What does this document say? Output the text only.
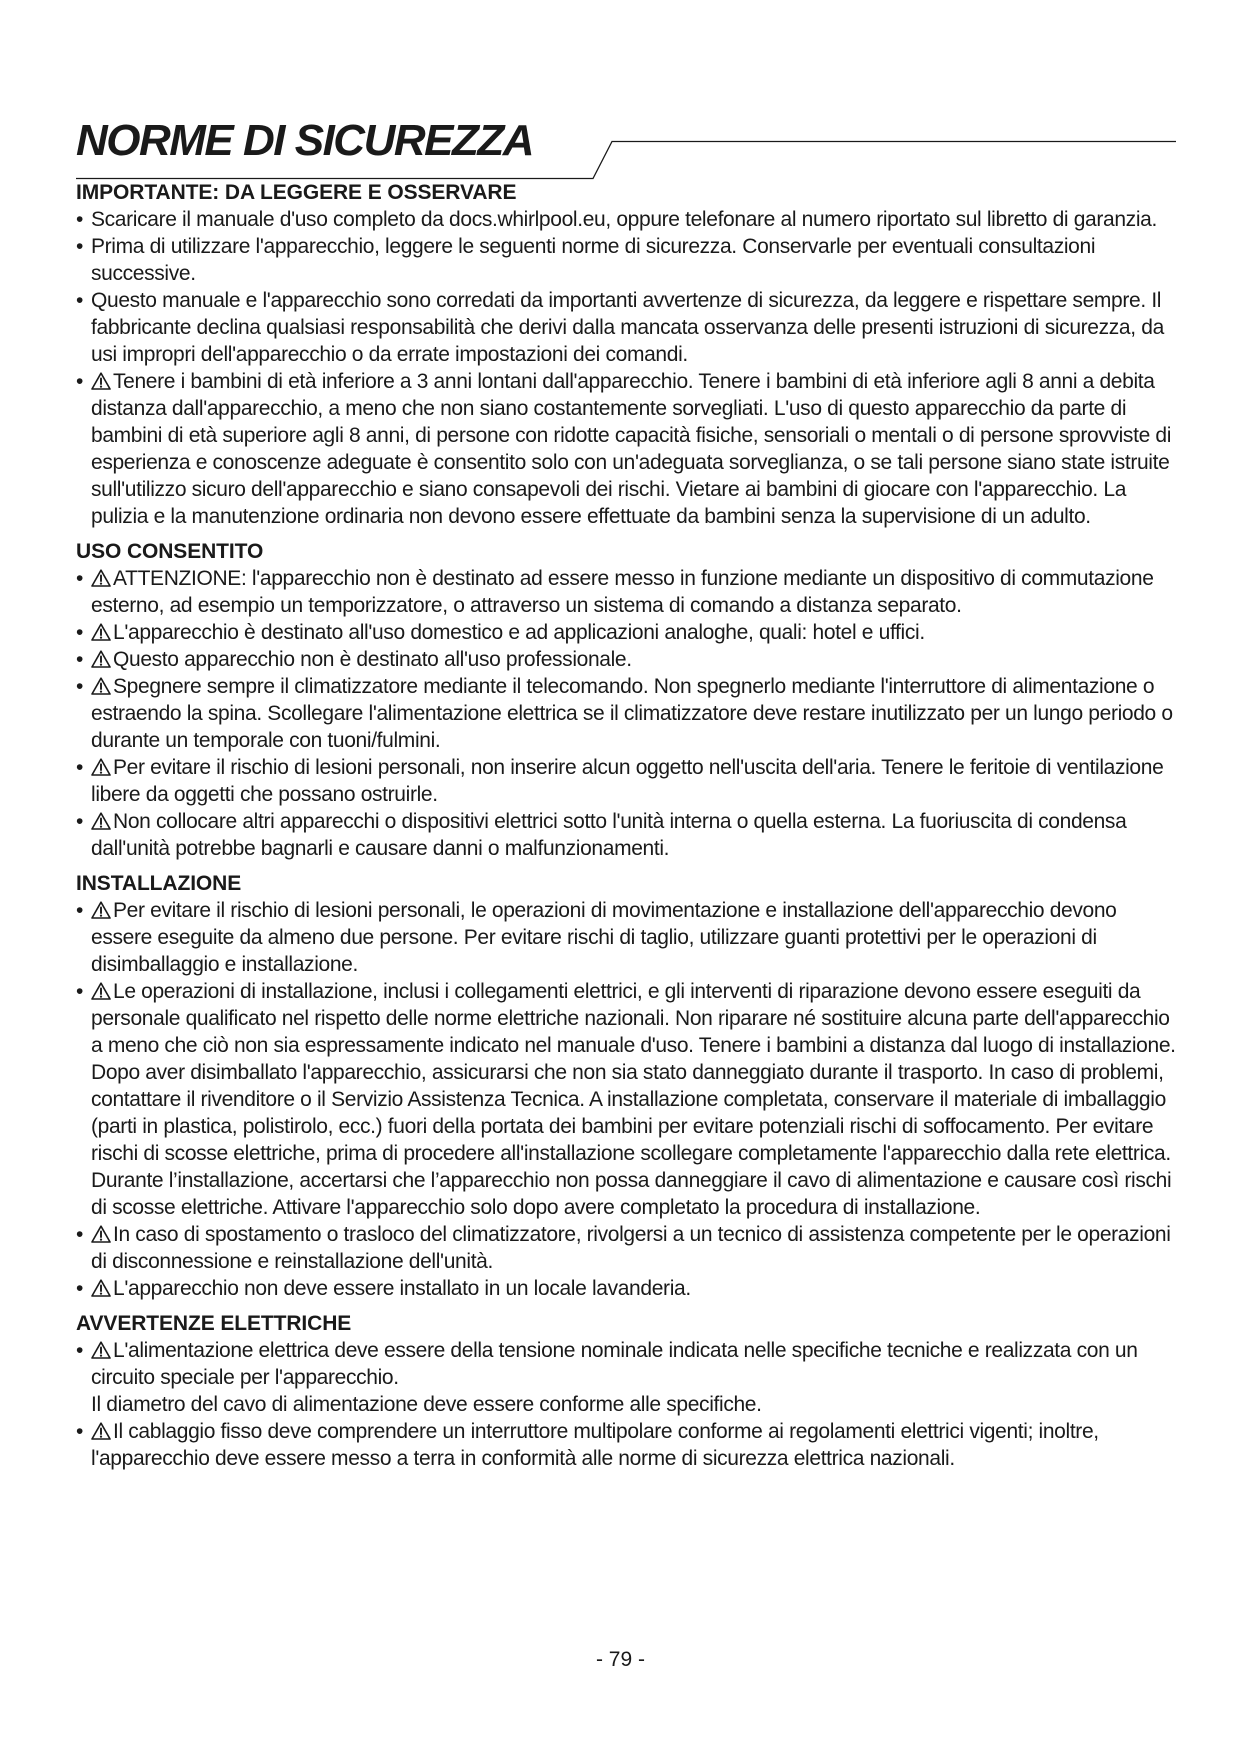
NORME DI SICUREZZA
IMPORTANTE: DA LEGGERE E OSSERVARE
• Scaricare il manuale d'uso completo da docs.whirlpool.eu, oppure telefonare al numero riportato sul libretto di garanzia.
• Prima di utilizzare l'apparecchio, leggere le seguenti norme di sicurezza. Conservarle per eventuali consultazioni successive.
• Questo manuale e l'apparecchio sono corredati da importanti avvertenze di sicurezza, da leggere e rispettare sempre. Il fabbricante declina qualsiasi responsabilità che derivi dalla mancata osservanza delle presenti istruzioni di sicurezza, da usi impropri dell'apparecchio o da errate impostazioni dei comandi.
• Tenere i bambini di età inferiore a 3 anni lontani dall'apparecchio. Tenere i bambini di età inferiore agli 8 anni a debita distanza dall'apparecchio, a meno che non siano costantemente sorvegliati. L'uso di questo apparecchio da parte di bambini di età superiore agli 8 anni, di persone con ridotte capacità fisiche, sensoriali o mentali o di persone sprovviste di esperienza e conoscenze adeguate è consentito solo con un'adeguata sorveglianza, o se tali persone siano state istruite sull'utilizzo sicuro dell'apparecchio e siano consapevoli dei rischi. Vietare ai bambini di giocare con l'apparecchio. La pulizia e la manutenzione ordinaria non devono essere effettuate da bambini senza la supervisione di un adulto.
USO CONSENTITO
• ATTENZIONE: l'apparecchio non è destinato ad essere messo in funzione mediante un dispositivo di commutazione esterno, ad esempio un temporizzatore, o attraverso un sistema di comando a distanza separato.
• L'apparecchio è destinato all'uso domestico e ad applicazioni analoghe, quali: hotel e uffici.
• Questo apparecchio non è destinato all'uso professionale.
• Spegnere sempre il climatizzatore mediante il telecomando. Non spegnerlo mediante l'interruttore di alimentazione o estraendo la spina. Scollegare l'alimentazione elettrica se il climatizzatore deve restare inutilizzato per un lungo periodo o durante un temporale con tuoni/fulmini.
• Per evitare il rischio di lesioni personali, non inserire alcun oggetto nell'uscita dell'aria. Tenere le feritoie di ventilazione libere da oggetti che possano ostruirle.
• Non collocare altri apparecchi o dispositivi elettrici sotto l'unità interna o quella esterna. La fuoriuscita di condensa dall'unità potrebbe bagnarli e causare danni o malfunzionamenti.
INSTALLAZIONE
• Per evitare il rischio di lesioni personali, le operazioni di movimentazione e installazione dell'apparecchio devono essere eseguite da almeno due persone. Per evitare rischi di taglio, utilizzare guanti protettivi per le operazioni di disimballaggio e installazione.
• Le operazioni di installazione, inclusi i collegamenti elettrici, e gli interventi di riparazione devono essere eseguiti da personale qualificato nel rispetto delle norme elettriche nazionali. Non riparare né sostituire alcuna parte dell'apparecchio a meno che ciò non sia espressamente indicato nel manuale d'uso. Tenere i bambini a distanza dal luogo di installazione. Dopo aver disimballato l'apparecchio, assicurarsi che non sia stato danneggiato durante il trasporto. In caso di problemi, contattare il rivenditore o il Servizio Assistenza Tecnica. A installazione completata, conservare il materiale di imballaggio (parti in plastica, polistirolo, ecc.) fuori della portata dei bambini per evitare potenziali rischi di soffocamento. Per evitare rischi di scosse elettriche, prima di procedere all'installazione scollegare completamente l'apparecchio dalla rete elettrica. Durante l’installazione, accertarsi che l’apparecchio non possa danneggiare il cavo di alimentazione e causare così rischi di scosse elettriche. Attivare l'apparecchio solo dopo avere completato la procedura di installazione.
• In caso di spostamento o trasloco del climatizzatore, rivolgersi a un tecnico di assistenza competente per le operazioni di disconnessione e reinstallazione dell'unità.
• L'apparecchio non deve essere installato in un locale lavanderia.
AVVERTENZE ELETTRICHE
• L'alimentazione elettrica deve essere della tensione nominale indicata nelle specifiche tecniche e realizzata con un circuito speciale per l'apparecchio.
Il diametro del cavo di alimentazione deve essere conforme alle specifiche.
• Il cablaggio fisso deve comprendere un interruttore multipolare conforme ai regolamenti elettrici vigenti; inoltre, l'apparecchio deve essere messo a terra in conformità alle norme di sicurezza elettrica nazionali.
- 79 -
